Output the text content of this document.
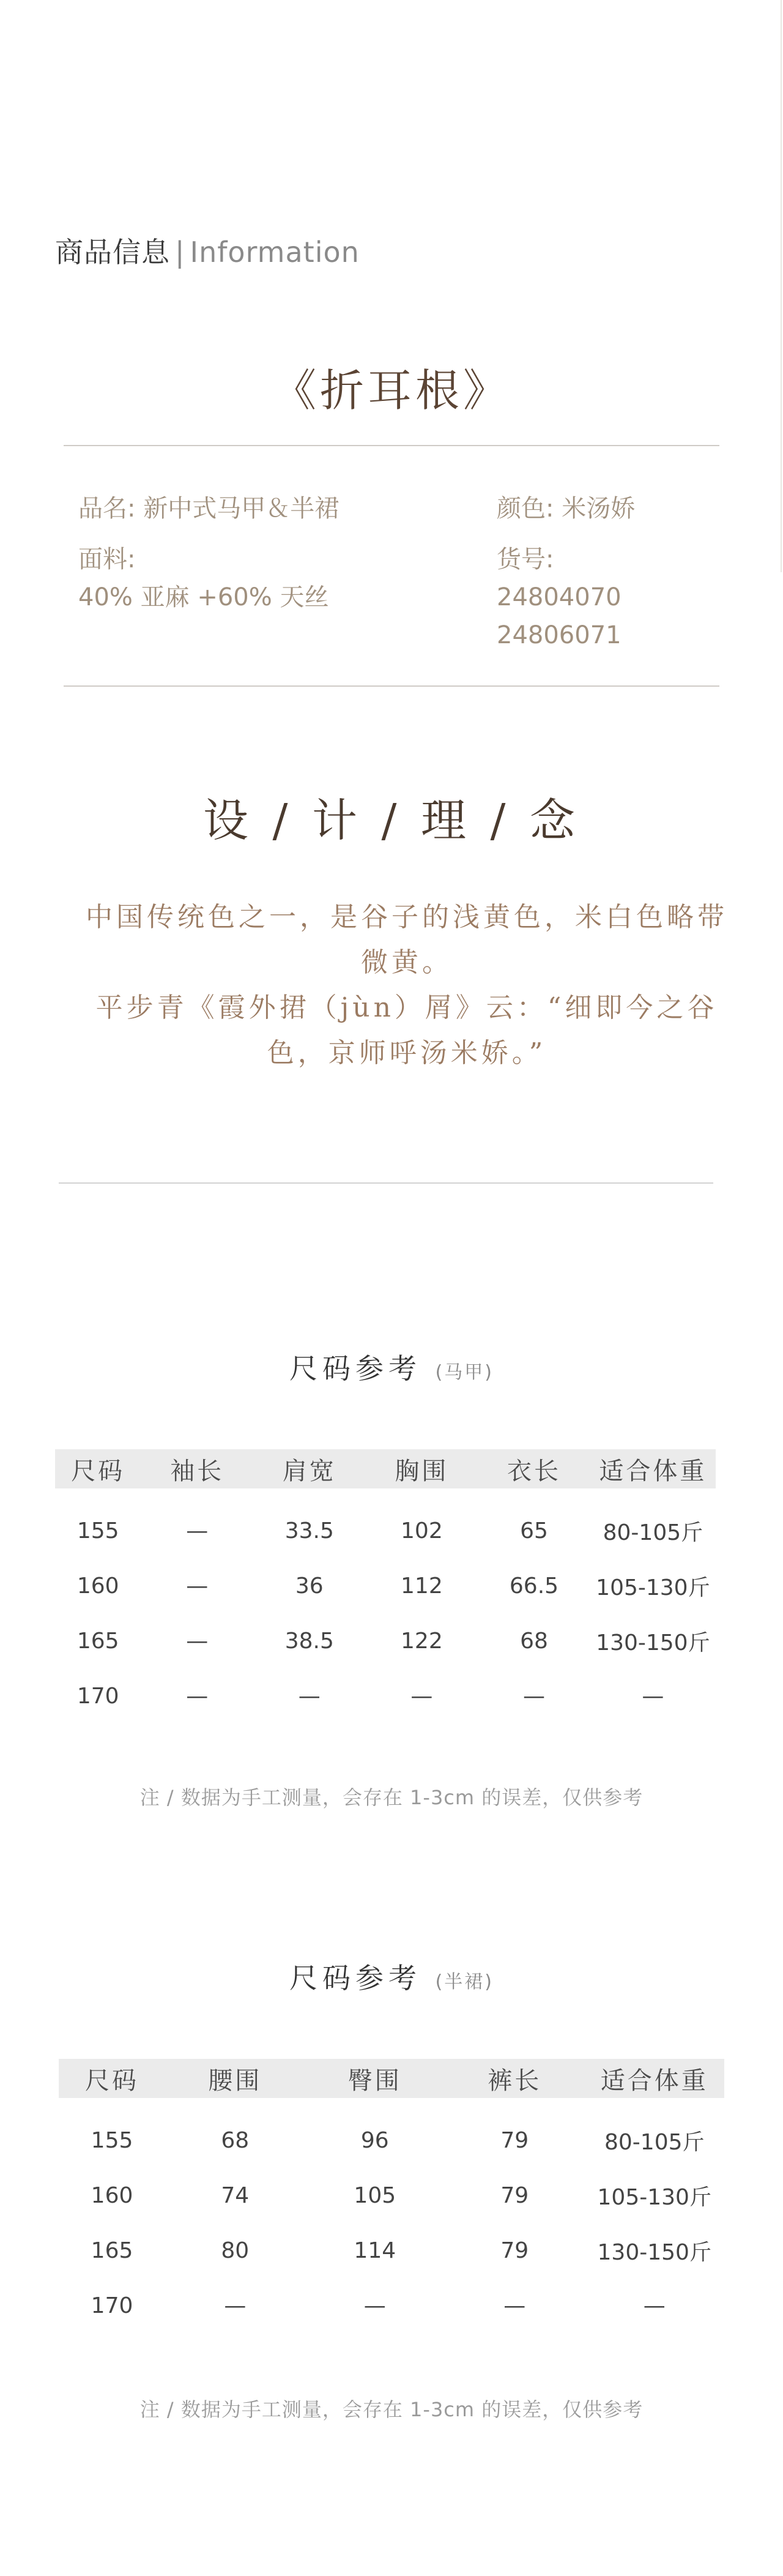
商品信息 | Information
《折耳根》
品名: 新中式马甲＆半裙	颜色: 米汤娇
面料:
40% 亚麻 +60% 天丝
货号:
24804070
24806071
设 / 计 / 理 / 念

中国传统色之一，是谷子的浅黄色，米白色略带微黄。

平步青《霞外捃（jùn）屑》云：“细即今之谷色，京师呼汤米娇。”

尺码参考 (马甲)
尺码	袖长	肩宽	胸围	衣长	适合体重
155	—	33.5	102	65	80-105斤
160	—	36	112	66.5	105-130斤
165	—	38.5	122	68	130-150斤
170	—	—	—	—	—
注 / 数据为手工测量，会存在 1-3cm 的误差，仅供参考
尺码参考 (半裙)
尺码	腰围	臀围	裤长	适合体重
155	68	96	79	80-105斤
160	74	105	79	105-130斤
165	80	114	79	130-150斤
170	—	—	—	—
注 / 数据为手工测量，会存在 1-3cm 的误差，仅供参考
